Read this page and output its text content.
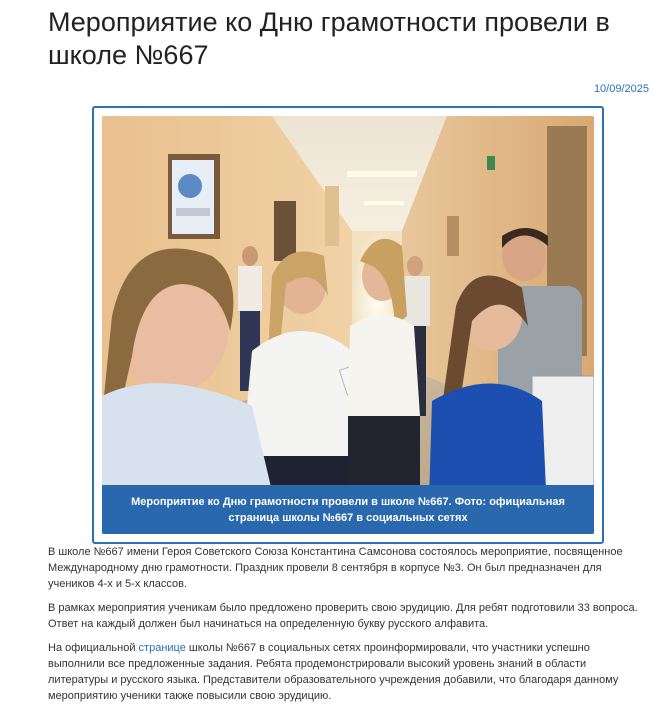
Мероприятие ко Дню грамотности провели в школе №667
10/09/2025
Мероприятие ко Дню грамотности провели в школе №667. Фото: официальная страница школы №667 в социальных сетях

В школе №667 имени Героя Советского Союза Константина Самсонова состоялось мероприятие, посвященное Международному дню грамотности. Праздник провели 8 сентября в корпусе №3. Он был предназначен для учеников 4-х и 5-х классов.

В рамках мероприятия ученикам было предложено проверить свою эрудицию. Для ребят подготовили 33 вопроса. Ответ на каждый должен был начинаться на определенную букву русского алфавита.

На официальной странице школы №667 в социальных сетях проинформировали, что участники успешно выполнили все предложенные задания. Ребята продемонстрировали высокий уровень знаний в области литературы и русского языка. Представители образовательного учреждения добавили, что благодаря данному мероприятию ученики также повысили свою эрудицию.
